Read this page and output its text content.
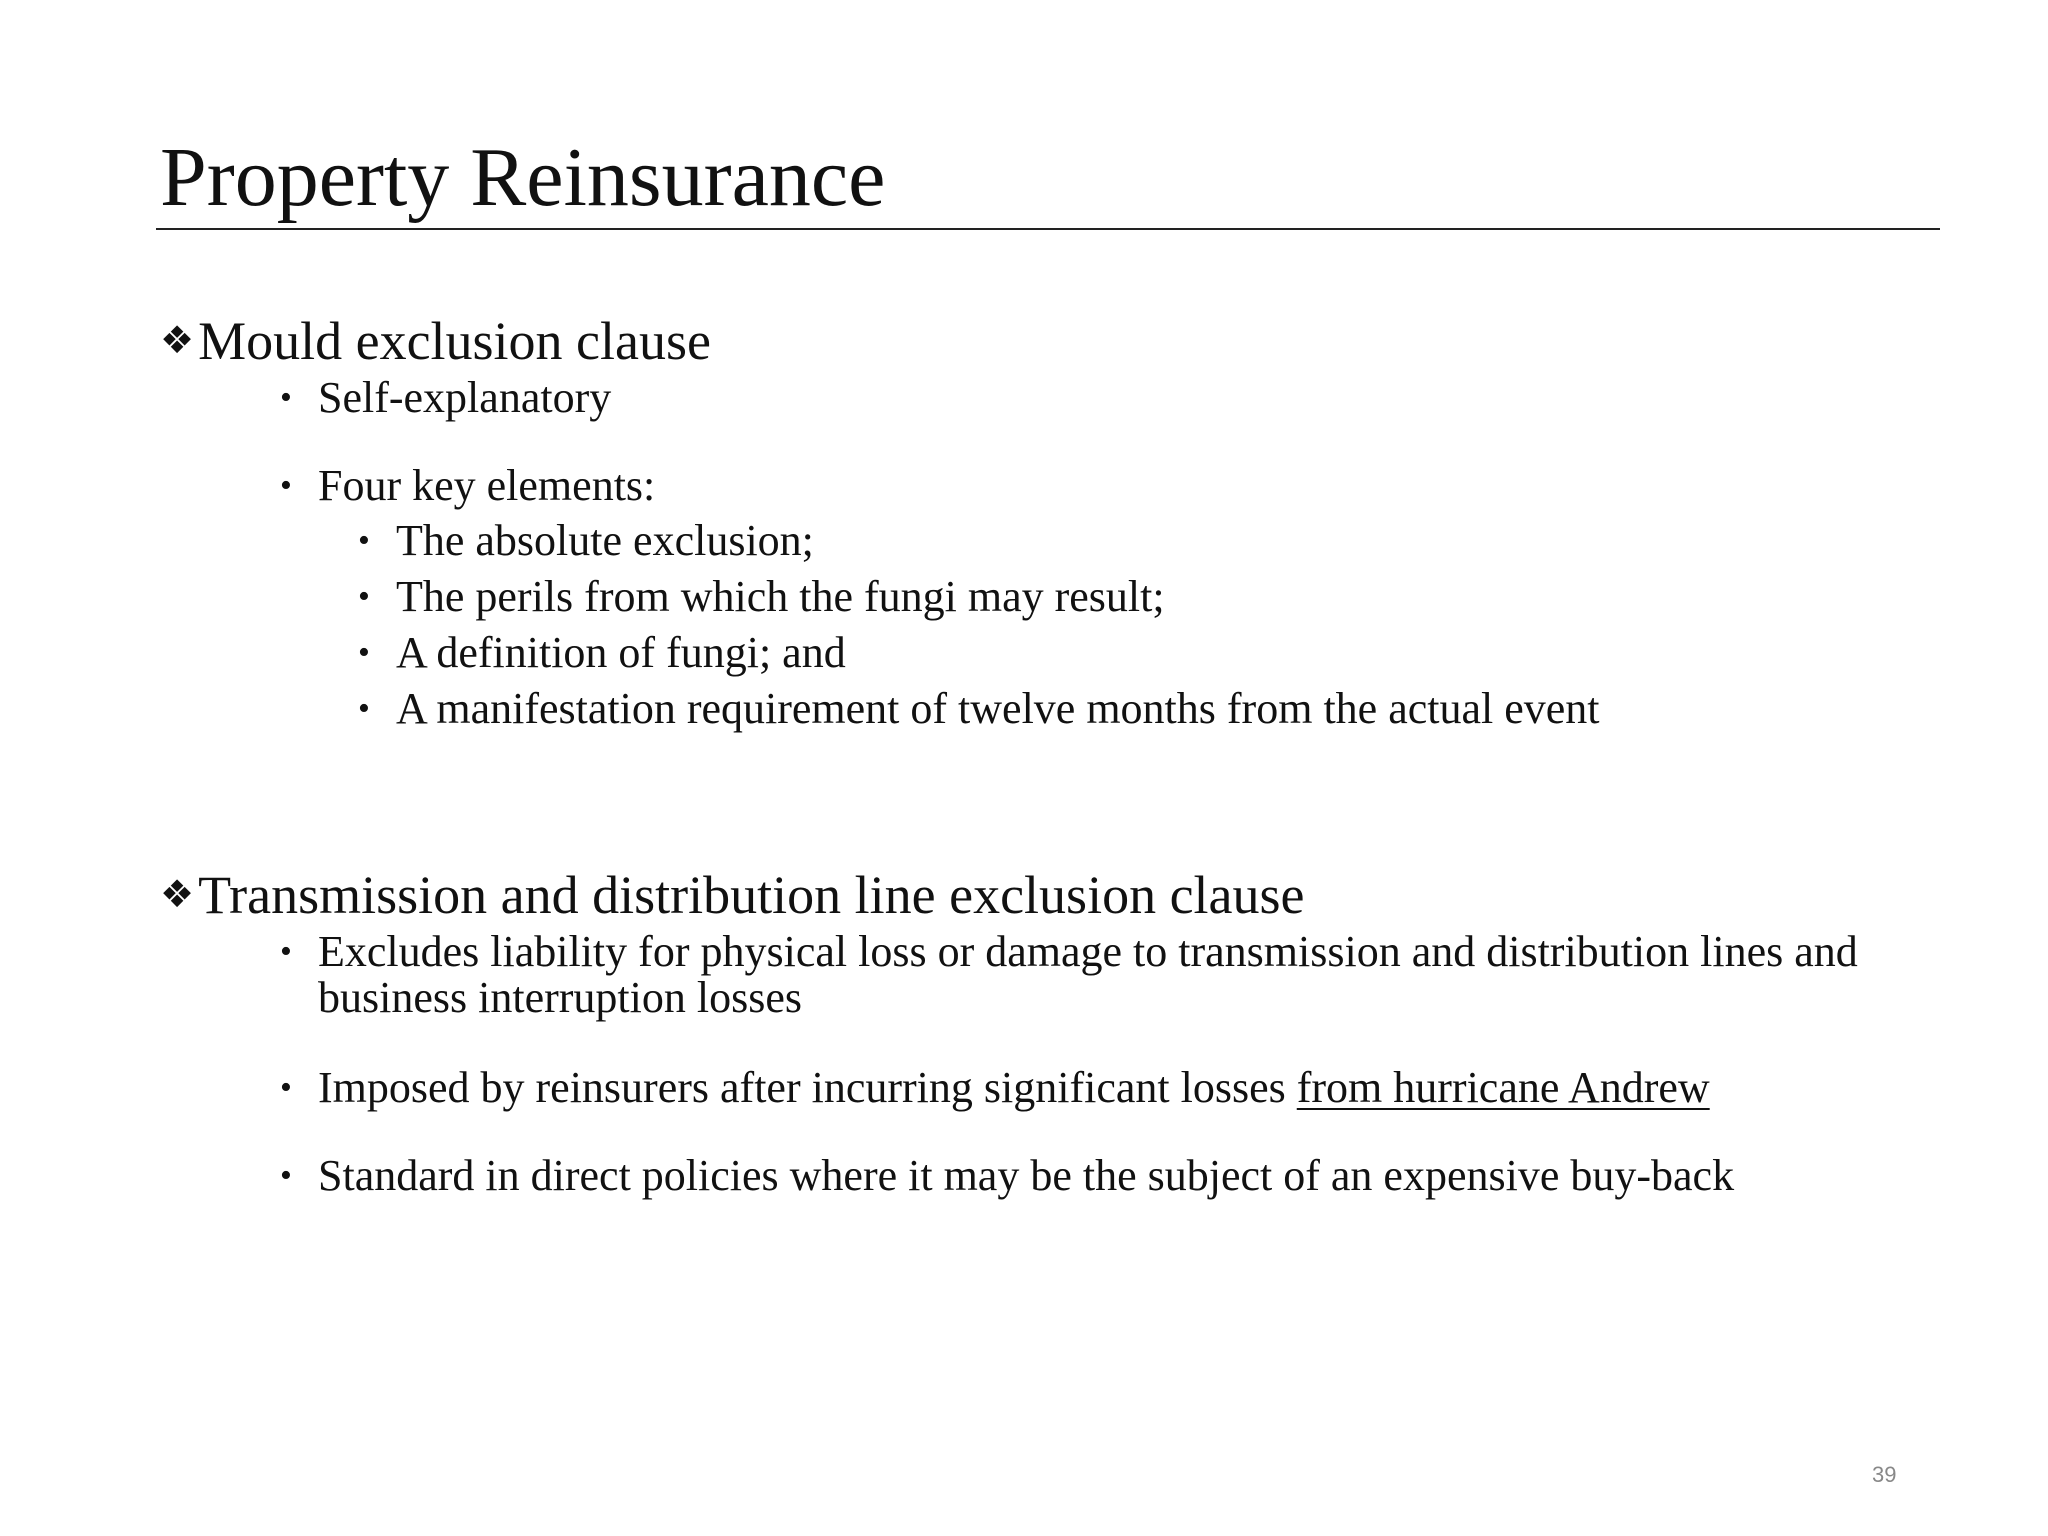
Property Reinsurance
❖Mould exclusion clause
• Self-explanatory
• Four key elements:
• The absolute exclusion;
• The perils from which the fungi may result;
• A definition of fungi; and
• A manifestation requirement of twelve months from the actual event
❖Transmission and distribution line exclusion clause
• Excludes liability for physical loss or damage to transmission and distribution lines and business interruption losses
• Imposed by reinsurers after incurring significant losses from hurricane Andrew
• Standard in direct policies where it may be the subject of an expensive buy-back
39
